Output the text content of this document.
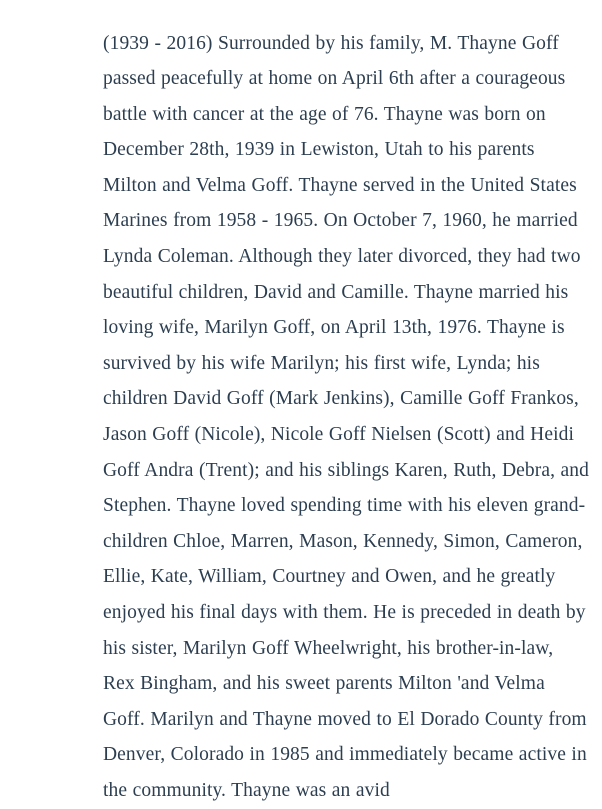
(1939 - 2016) Surrounded by his family, M. Thayne Goff passed peacefully at home on April 6th after a courageous battle with cancer at the age of 76. Thayne was born on December 28th, 1939 in Lewiston, Utah to his parents Milton and Velma Goff. Thayne served in the United States Marines from 1958 - 1965. On October 7, 1960, he married Lynda Coleman. Although they later divorced, they had two beautiful children, David and Camille. Thayne married his loving wife, Marilyn Goff, on April 13th, 1976. Thayne is survived by his wife Marilyn; his first wife, Lynda; his children David Goff (Mark Jenkins), Camille Goff Frankos, Jason Goff (Nicole), Nicole Goff Nielsen (Scott) and Heidi Goff Andra (Trent); and his siblings Karen, Ruth, Debra, and Stephen. Thayne loved spending time with his eleven grand- children Chloe, Marren, Mason, Kennedy, Simon, Cameron, Ellie, Kate, William, Courtney and Owen, and he greatly enjoyed his final days with them. He is preceded in death by his sister, Marilyn Goff Wheelwright, his brother-in-law, Rex Bingham, and his sweet parents Milton 'and Velma Goff. Marilyn and Thayne moved to El Dorado County from Denver, Colorado in 1985 and immediately became active in the community. Thayne was an avid
